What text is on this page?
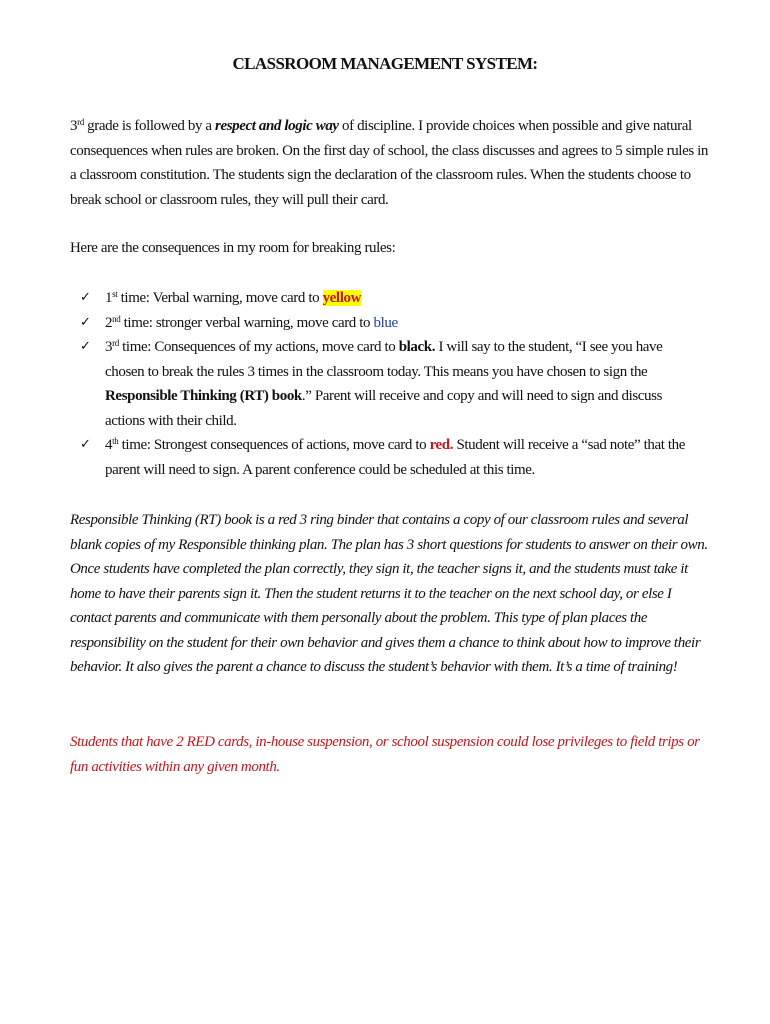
CLASSROOM MANAGEMENT SYSTEM:
3rd grade is followed by a respect and logic way of discipline. I provide choices when possible and give natural consequences when rules are broken. On the first day of school, the class discusses and agrees to 5 simple rules in a classroom constitution. The students sign the declaration of the classroom rules. When the students choose to break school or classroom rules, they will pull their card.
Here are the consequences in my room for breaking rules:
✓ 1st time: Verbal warning, move card to yellow
✓ 2nd time: stronger verbal warning, move card to blue
✓ 3rd time: Consequences of my actions, move card to black. I will say to the student, “I see you have chosen to break the rules 3 times in the classroom today. This means you have chosen to sign the Responsible Thinking (RT) book.” Parent will receive and copy and will need to sign and discuss actions with their child.
✓ 4th time: Strongest consequences of actions, move card to red. Student will receive a “sad note” that the parent will need to sign. A parent conference could be scheduled at this time.
Responsible Thinking (RT) book is a red 3 ring binder that contains a copy of our classroom rules and several blank copies of my Responsible thinking plan. The plan has 3 short questions for students to answer on their own. Once students have completed the plan correctly, they sign it, the teacher signs it, and the students must take it home to have their parents sign it. Then the student returns it to the teacher on the next school day, or else I contact parents and communicate with them personally about the problem. This type of plan places the responsibility on the student for their own behavior and gives them a chance to think about how to improve their behavior. It also gives the parent a chance to discuss the student’s behavior with them. It’s a time of training!
Students that have 2 RED cards, in-house suspension, or school suspension could lose privileges to field trips or fun activities within any given month.
